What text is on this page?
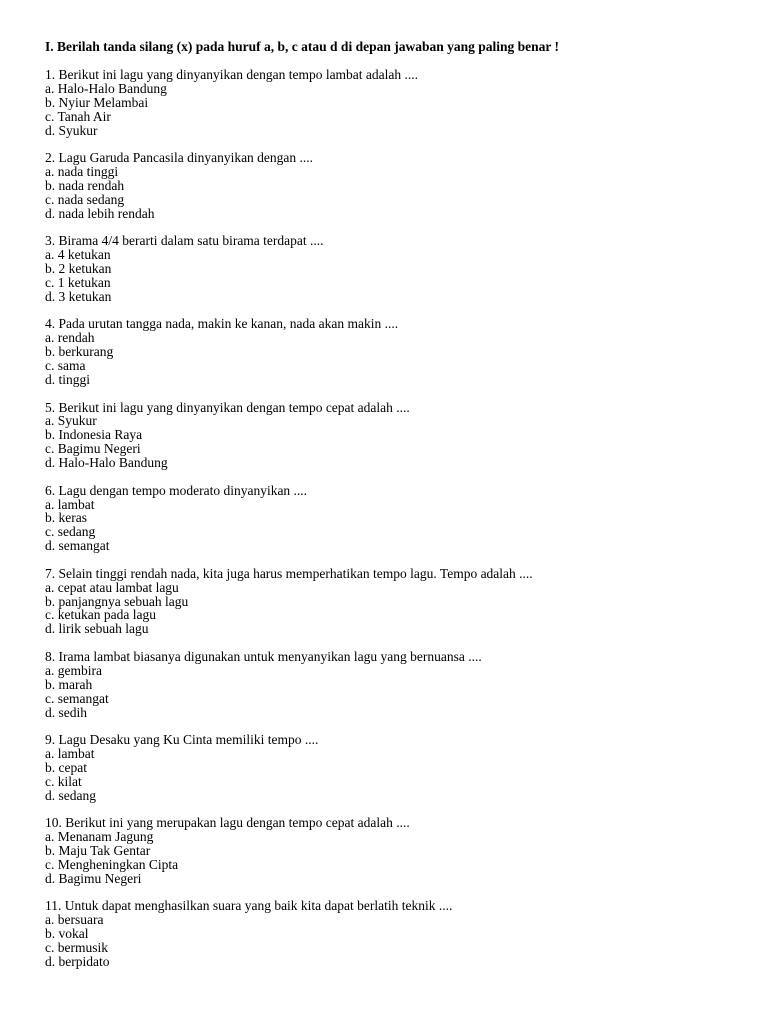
I. Berilah tanda silang (x) pada huruf a, b, c atau d di depan jawaban yang paling benar !
1. Berikut ini lagu yang dinyanyikan dengan tempo lambat adalah ....
a. Halo-Halo Bandung
b. Nyiur Melambai
c. Tanah Air
d. Syukur
2. Lagu Garuda Pancasila dinyanyikan dengan ....
a. nada tinggi
b. nada rendah
c. nada sedang
d. nada lebih rendah
3. Birama 4/4 berarti dalam satu birama terdapat ....
a. 4 ketukan
b. 2 ketukan
c. 1 ketukan
d. 3 ketukan
4. Pada urutan tangga nada, makin ke kanan, nada akan makin ....
a. rendah
b. berkurang
c. sama
d. tinggi
5. Berikut ini lagu yang dinyanyikan dengan tempo cepat adalah ....
a. Syukur
b. Indonesia Raya
c. Bagimu Negeri
d. Halo-Halo Bandung
6. Lagu dengan tempo moderato dinyanyikan ....
a. lambat
b. keras
c. sedang
d. semangat
7. Selain tinggi rendah nada, kita juga harus memperhatikan tempo lagu. Tempo adalah ....
a. cepat atau lambat lagu
b. panjangnya sebuah lagu
c. ketukan pada lagu
d. lirik sebuah lagu
8. Irama lambat biasanya digunakan untuk menyanyikan lagu yang bernuansa ....
a. gembira
b. marah
c. semangat
d. sedih
9. Lagu Desaku yang Ku Cinta memiliki tempo ....
a. lambat
b. cepat
c. kilat
d. sedang
10. Berikut ini yang merupakan lagu dengan tempo cepat adalah ....
a. Menanam Jagung
b. Maju Tak Gentar
c. Mengheningkan Cipta
d. Bagimu Negeri
11. Untuk dapat menghasilkan suara yang baik kita dapat berlatih teknik ....
a. bersuara
b. vokal
c. bermusik
d. berpidato
